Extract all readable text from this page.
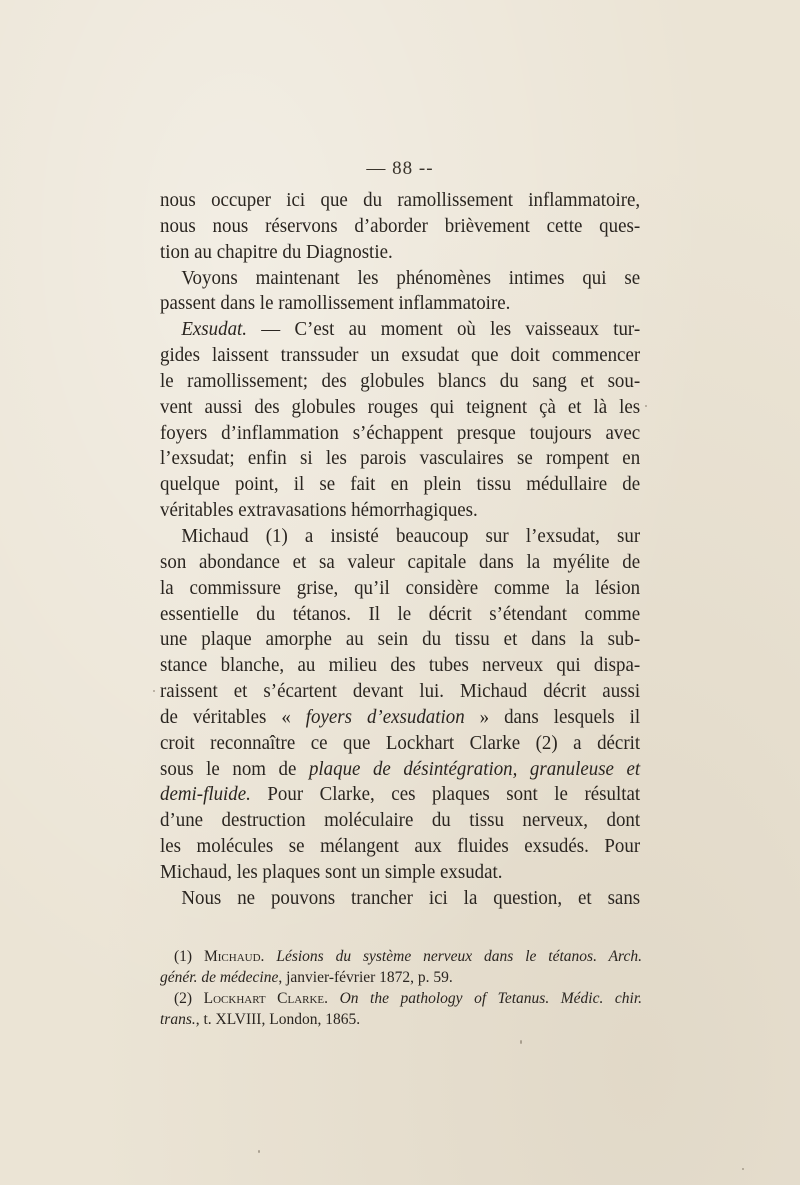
— 88 --
nous occuper ici que du ramollissement inflammatoire,
nous nous réservons d’aborder brièvement cette ques-
tion au chapitre du Diagnostie.
Voyons maintenant les phénomènes intimes qui se
passent dans le ramollissement inflammatoire.
Exsudat. — C’est au moment où les vaisseaux tur-
gides laissent transsuder un exsudat que doit commencer
le ramollissement; des globules blancs du sang et sou-
vent aussi des globules rouges qui teignent çà et là les
foyers d’inflammation s’échappent presque toujours avec
l’exsudat; enfin si les parois vasculaires se rompent en
quelque point, il se fait en plein tissu médullaire de
véritables extravasations hémorrhagiques.
Michaud (1) a insisté beaucoup sur l’exsudat, sur
son abondance et sa valeur capitale dans la myélite de
la commissure grise, qu’il considère comme la lésion
essentielle du tétanos. Il le décrit s’étendant comme
une plaque amorphe au sein du tissu et dans la sub-
stance blanche, au milieu des tubes nerveux qui dispa-
raissent et s’écartent devant lui. Michaud décrit aussi
de véritables « foyers d’exsudation » dans lesquels il
croit reconnaître ce que Lockhart Clarke (2) a décrit
sous le nom de plaque de désintégration, granuleuse et
demi-fluide. Pour Clarke, ces plaques sont le résultat
d’une destruction moléculaire du tissu nerveux, dont
les molécules se mélangent aux fluides exsudés. Pour
Michaud, les plaques sont un simple exsudat.
Nous ne pouvons trancher ici la question, et sans
(1) Michaud. Lésions du système nerveux dans le tétanos. Arch.
génér. de médecine, janvier-février 1872, p. 59.
(2) Lockhart Clarke. On the pathology of Tetanus. Médic. chir.
trans., t. XLVIII, London, 1865.
